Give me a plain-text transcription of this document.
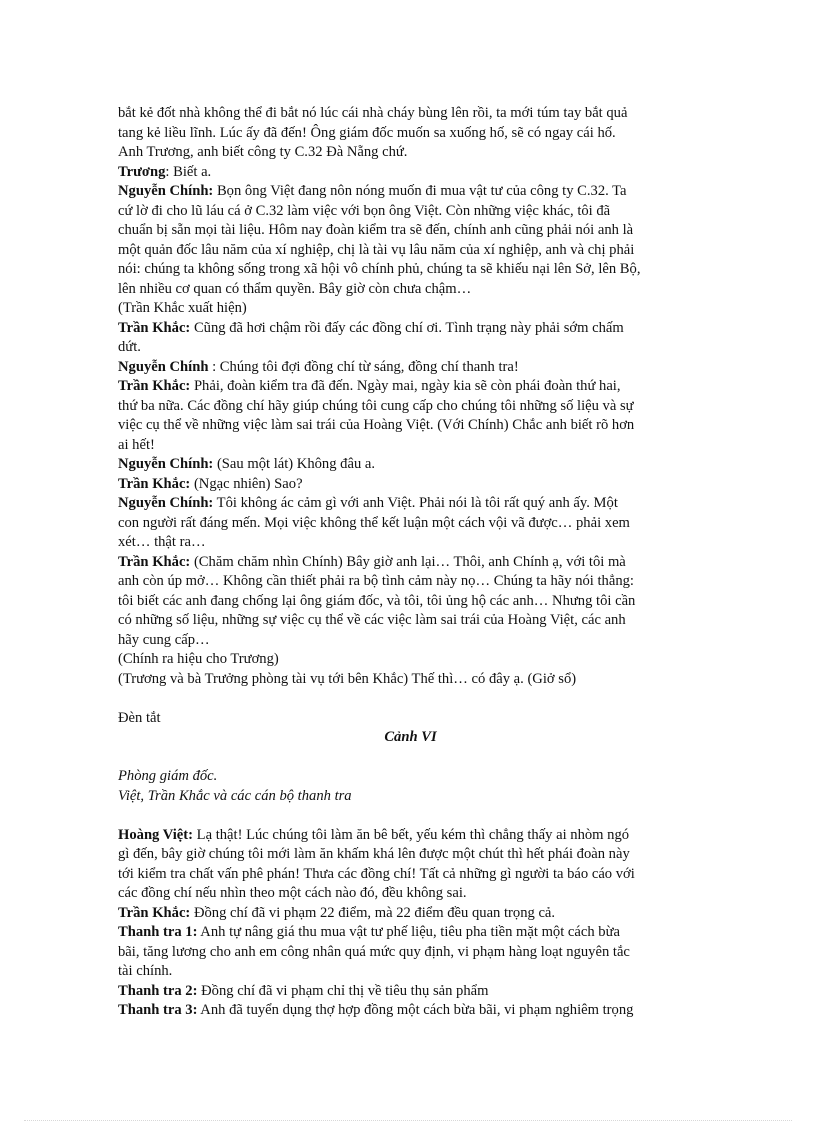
bắt kẻ đốt nhà không thể đi bắt nó lúc cái nhà cháy bùng lên rồi, ta mới túm tay bắt quả
tang kẻ liều lĩnh. Lúc ấy đã đến! Ông giám đốc muốn sa xuống hố, sẽ có ngay cái hố.
Anh Trương, anh biết công ty C.32 Đà Nẵng chứ.
Trương: Biết a.
Nguyễn Chính: Bọn ông Việt đang nôn nóng muốn đi mua vật tư của công ty C.32. Ta
cứ lờ đi cho lũ láu cá ở C.32 làm việc với bọn ông Việt. Còn những việc khác, tôi đã
chuẩn bị sẵn mọi tài liệu. Hôm nay đoàn kiểm tra sẽ đến, chính anh cũng phải nói anh là
một quản đốc lâu năm của xí nghiệp, chị là tài vụ lâu năm của xí nghiệp, anh và chị phải
nói: chúng ta không sống trong xã hội vô chính phủ, chúng ta sẽ khiếu nại lên Sở, lên Bộ,
lên nhiều cơ quan có thẩm quyền. Bây giờ còn chưa chậm…
(Trần Khắc xuất hiện)
Trần Khắc: Cũng đã hơi chậm rồi đấy các đồng chí ơi. Tình trạng này phải sớm chấm
dứt.
Nguyễn Chính : Chúng tôi đợi đồng chí từ sáng, đồng chí thanh tra!
Trần Khắc: Phải, đoàn kiểm tra đã đến. Ngày mai, ngày kia sẽ còn phái đoàn thứ hai,
thứ ba nữa. Các đồng chí hãy giúp chúng tôi cung cấp cho chúng tôi những số liệu và sự
việc cụ thể về những việc làm sai trái của Hoàng Việt. (Với Chính) Chắc anh biết rõ hơn
ai hết!
Nguyễn Chính: (Sau một lát) Không đâu a.
Trần Khắc: (Ngạc nhiên) Sao?
Nguyễn Chính: Tôi không ác cảm gì với anh Việt. Phải nói là tôi rất quý anh ấy. Một
con người rất đáng mến. Mọi việc không thể kết luận một cách vội vã được… phải xem
xét… thật ra…
Trần Khắc: (Chăm chăm nhìn Chính) Bây giờ anh lại… Thôi, anh Chính ạ, với tôi mà
anh còn úp mở… Không cần thiết phải ra bộ tình cảm này nọ… Chúng ta hãy nói thẳng:
tôi biết các anh đang chống lại ông giám đốc, và tôi, tôi ủng hộ các anh… Nhưng tôi cần
có những số liệu, những sự việc cụ thể về các việc làm sai trái của Hoàng Việt, các anh
hãy cung cấp…
(Chính ra hiệu cho Trương)
(Trương và bà Trưởng phòng tài vụ tới bên Khắc) Thế thì… có đây ạ. (Giở sổ)
Đèn tắt
Cảnh VI
Phòng giám đốc.
Việt, Trần Khắc và các cán bộ thanh tra
Hoàng Việt: Lạ thật! Lúc chúng tôi làm ăn bê bết, yếu kém thì chẳng thấy ai nhòm ngó
gì đến, bây giờ chúng tôi mới làm ăn khấm khá lên được một chút thì hết phái đoàn này
tới kiểm tra chất vấn phê phán! Thưa các đồng chí! Tất cả những gì người ta báo cáo với
các đồng chí nếu nhìn theo một cách nào đó, đều không sai.
Trần Khắc: Đồng chí đã vi phạm 22 điểm, mà 22 điểm đều quan trọng cả.
Thanh tra 1: Anh tự nâng giá thu mua vật tư phế liệu, tiêu pha tiền mặt một cách bừa
bãi, tăng lương cho anh em công nhân quá mức quy định, vi phạm hàng loạt nguyên tắc
tài chính.
Thanh tra 2: Đồng chí đã vi phạm chỉ thị về tiêu thụ sản phẩm
Thanh tra 3: Anh đã tuyển dụng thợ hợp đồng một cách bừa bãi, vi phạm nghiêm trọng
